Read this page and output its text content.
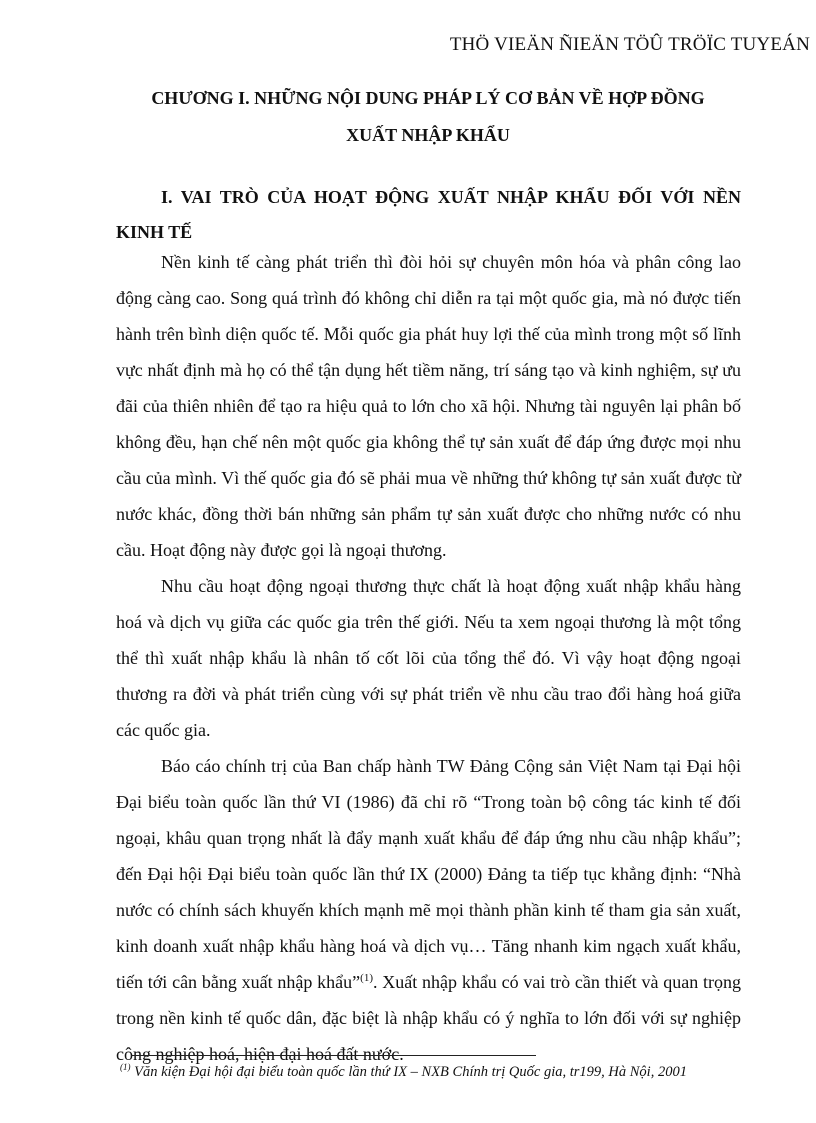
THÖ VIEÄN ÑIEÄN TÖÛ TRÖÏC TUYEÁN
CHƯƠNG I. NHỮNG NỘI DUNG PHÁP LÝ CƠ BẢN VỀ HỢP ĐỒNG
XUẤT NHẬP KHẨU
I. VAI TRÒ CỦA HOẠT ĐỘNG XUẤT NHẬP KHẨU ĐỐI VỚI NỀN
KINH TẾ

Nền kinh tế càng phát triển thì đòi hỏi sự chuyên môn hóa và phân công lao động càng cao. Song quá trình đó không chỉ diễn ra tại một quốc gia, mà nó được tiến hành trên bình diện quốc tế. Mỗi quốc gia phát huy lợi thế của mình trong một số lĩnh vực nhất định mà họ có thể tận dụng hết tiềm năng, trí sáng tạo và kinh nghiệm, sự ưu đãi của thiên nhiên để tạo ra hiệu quả to lớn cho xã hội. Nhưng tài nguyên lại phân bố không đều, hạn chế nên một quốc gia không thể tự sản xuất để đáp ứng được mọi nhu cầu của mình. Vì thế quốc gia đó sẽ phải mua về những thứ không tự sản xuất được từ nước khác, đồng thời bán những sản phẩm tự sản xuất được cho những nước có nhu cầu. Hoạt động này được gọi là ngoại thương.

Nhu cầu hoạt động ngoại thương thực chất là hoạt động xuất nhập khẩu hàng hoá và dịch vụ giữa các quốc gia trên thế giới. Nếu ta xem ngoại thương là một tổng thể thì xuất nhập khẩu là nhân tố cốt lõi của tổng thể đó. Vì vậy hoạt động ngoại thương ra đời và phát triển cùng với sự phát triển về nhu cầu trao đổi hàng hoá giữa các quốc gia.

Báo cáo chính trị của Ban chấp hành TW Đảng Cộng sản Việt Nam tại Đại hội Đại biểu toàn quốc lần thứ VI (1986) đã chỉ rõ “Trong toàn bộ công tác kinh tế đối ngoại, khâu quan trọng nhất là đẩy mạnh xuất khẩu để đáp ứng nhu cầu nhập khẩu”; đến Đại hội Đại biểu toàn quốc lần thứ IX (2000) Đảng ta tiếp tục khẳng định: “Nhà nước có chính sách khuyến khích mạnh mẽ mọi thành phần kinh tế tham gia sản xuất, kinh doanh xuất nhập khẩu hàng hoá và dịch vụ… Tăng nhanh kim ngạch xuất khẩu, tiến tới cân bằng xuất nhập khẩu”$^{(1)}$. Xuất nhập khẩu có vai trò cần thiết và quan trọng trong nền kinh tế quốc dân, đặc biệt là nhập khẩu có ý nghĩa to lớn đối với sự nghiệp công nghiệp hoá, hiện đại hoá đất nước.

$^{(1)}$ Văn kiện Đại hội đại biểu toàn quốc lần thứ IX – NXB Chính trị Quốc gia, tr199, Hà Nội, 2001
